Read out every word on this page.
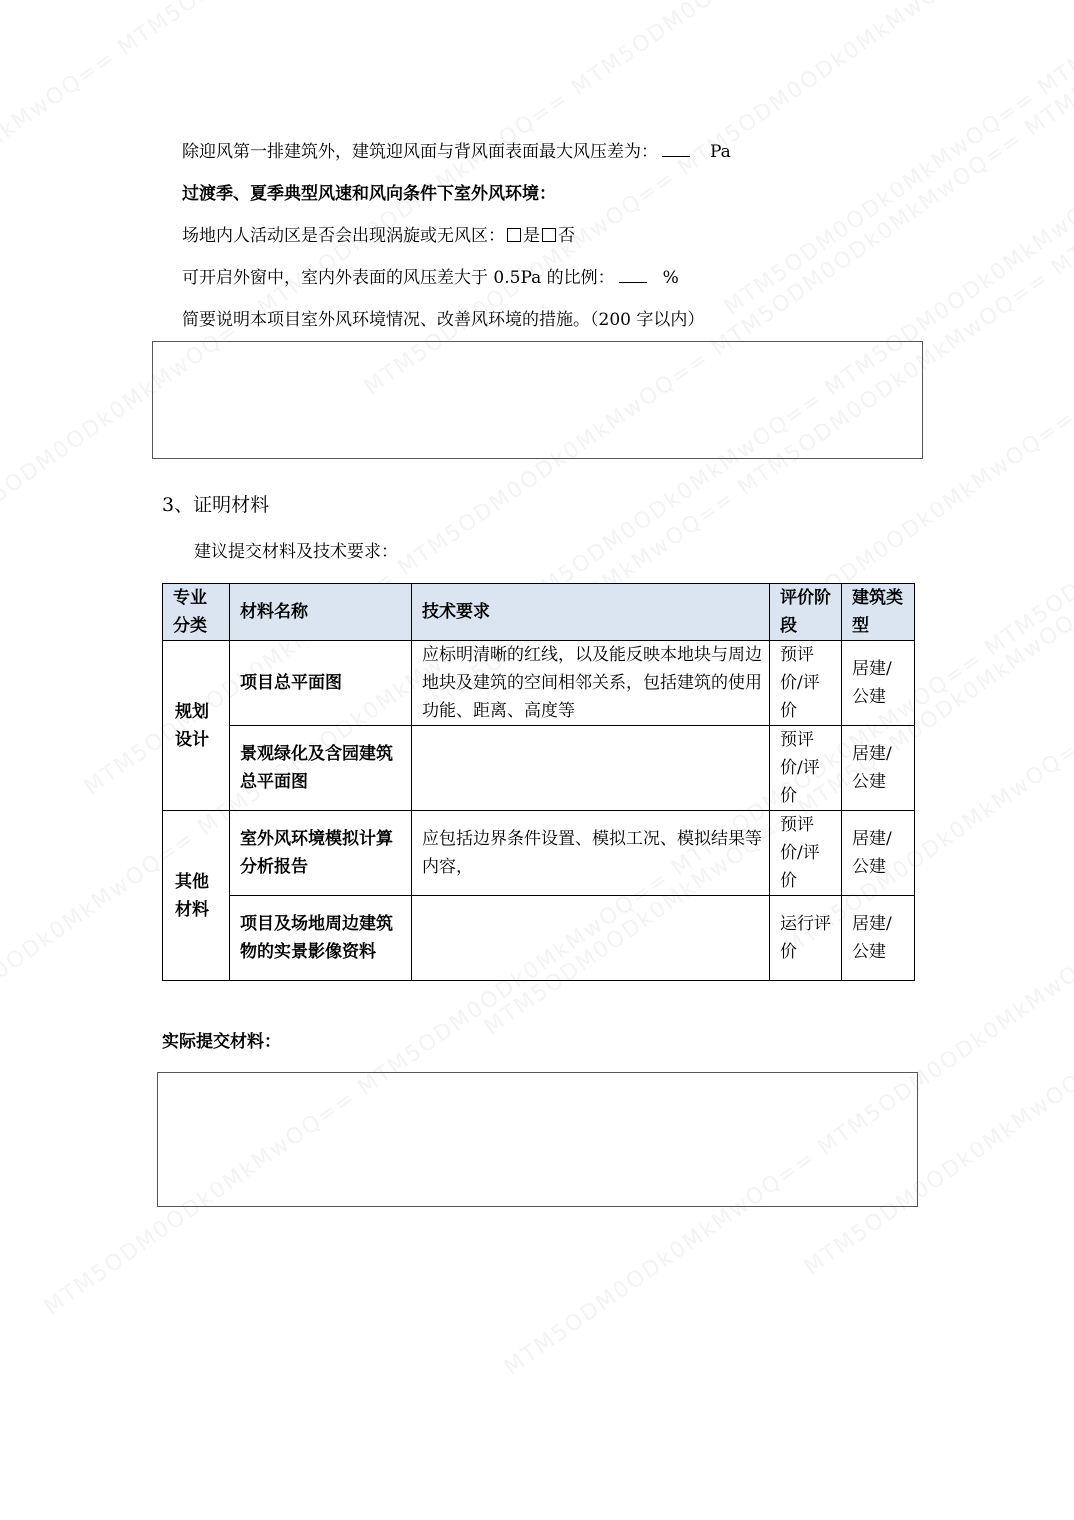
除迎风第一排建筑外，建筑迎风面与背风面表面最大风压差为：	Pa
过渡季、夏季典型风速和风向条件下室外风环境：
场地内人活动区是否会出现涡旋或无风区： 是 否
可开启外窗中，室内外表面的风压差大于 0.5Pa 的比例：	%
简要说明本项目室外风环境情况、改善风环境的措施。（200 字以内）
3、证明材料
建议提交材料及技术要求：
专业分类	材料名称	技术要求	评价阶段	建筑类型
规划设计	项目总平面图	应标明清晰的红线，以及能反映本地块与周边地块及建筑的空间相邻关系，包括建筑的使用功能、距离、高度等	预评价/评价	居建/公建
	景观绿化及含园建筑总平面图		预评价/评价	居建/公建
其他材料	室外风环境模拟计算分析报告	应包括边界条件设置、模拟工况、模拟结果等内容，	预评价/评价	居建/公建
	项目及场地周边建筑物的实景影像资料		运行评价	居建/公建
实际提交材料：
